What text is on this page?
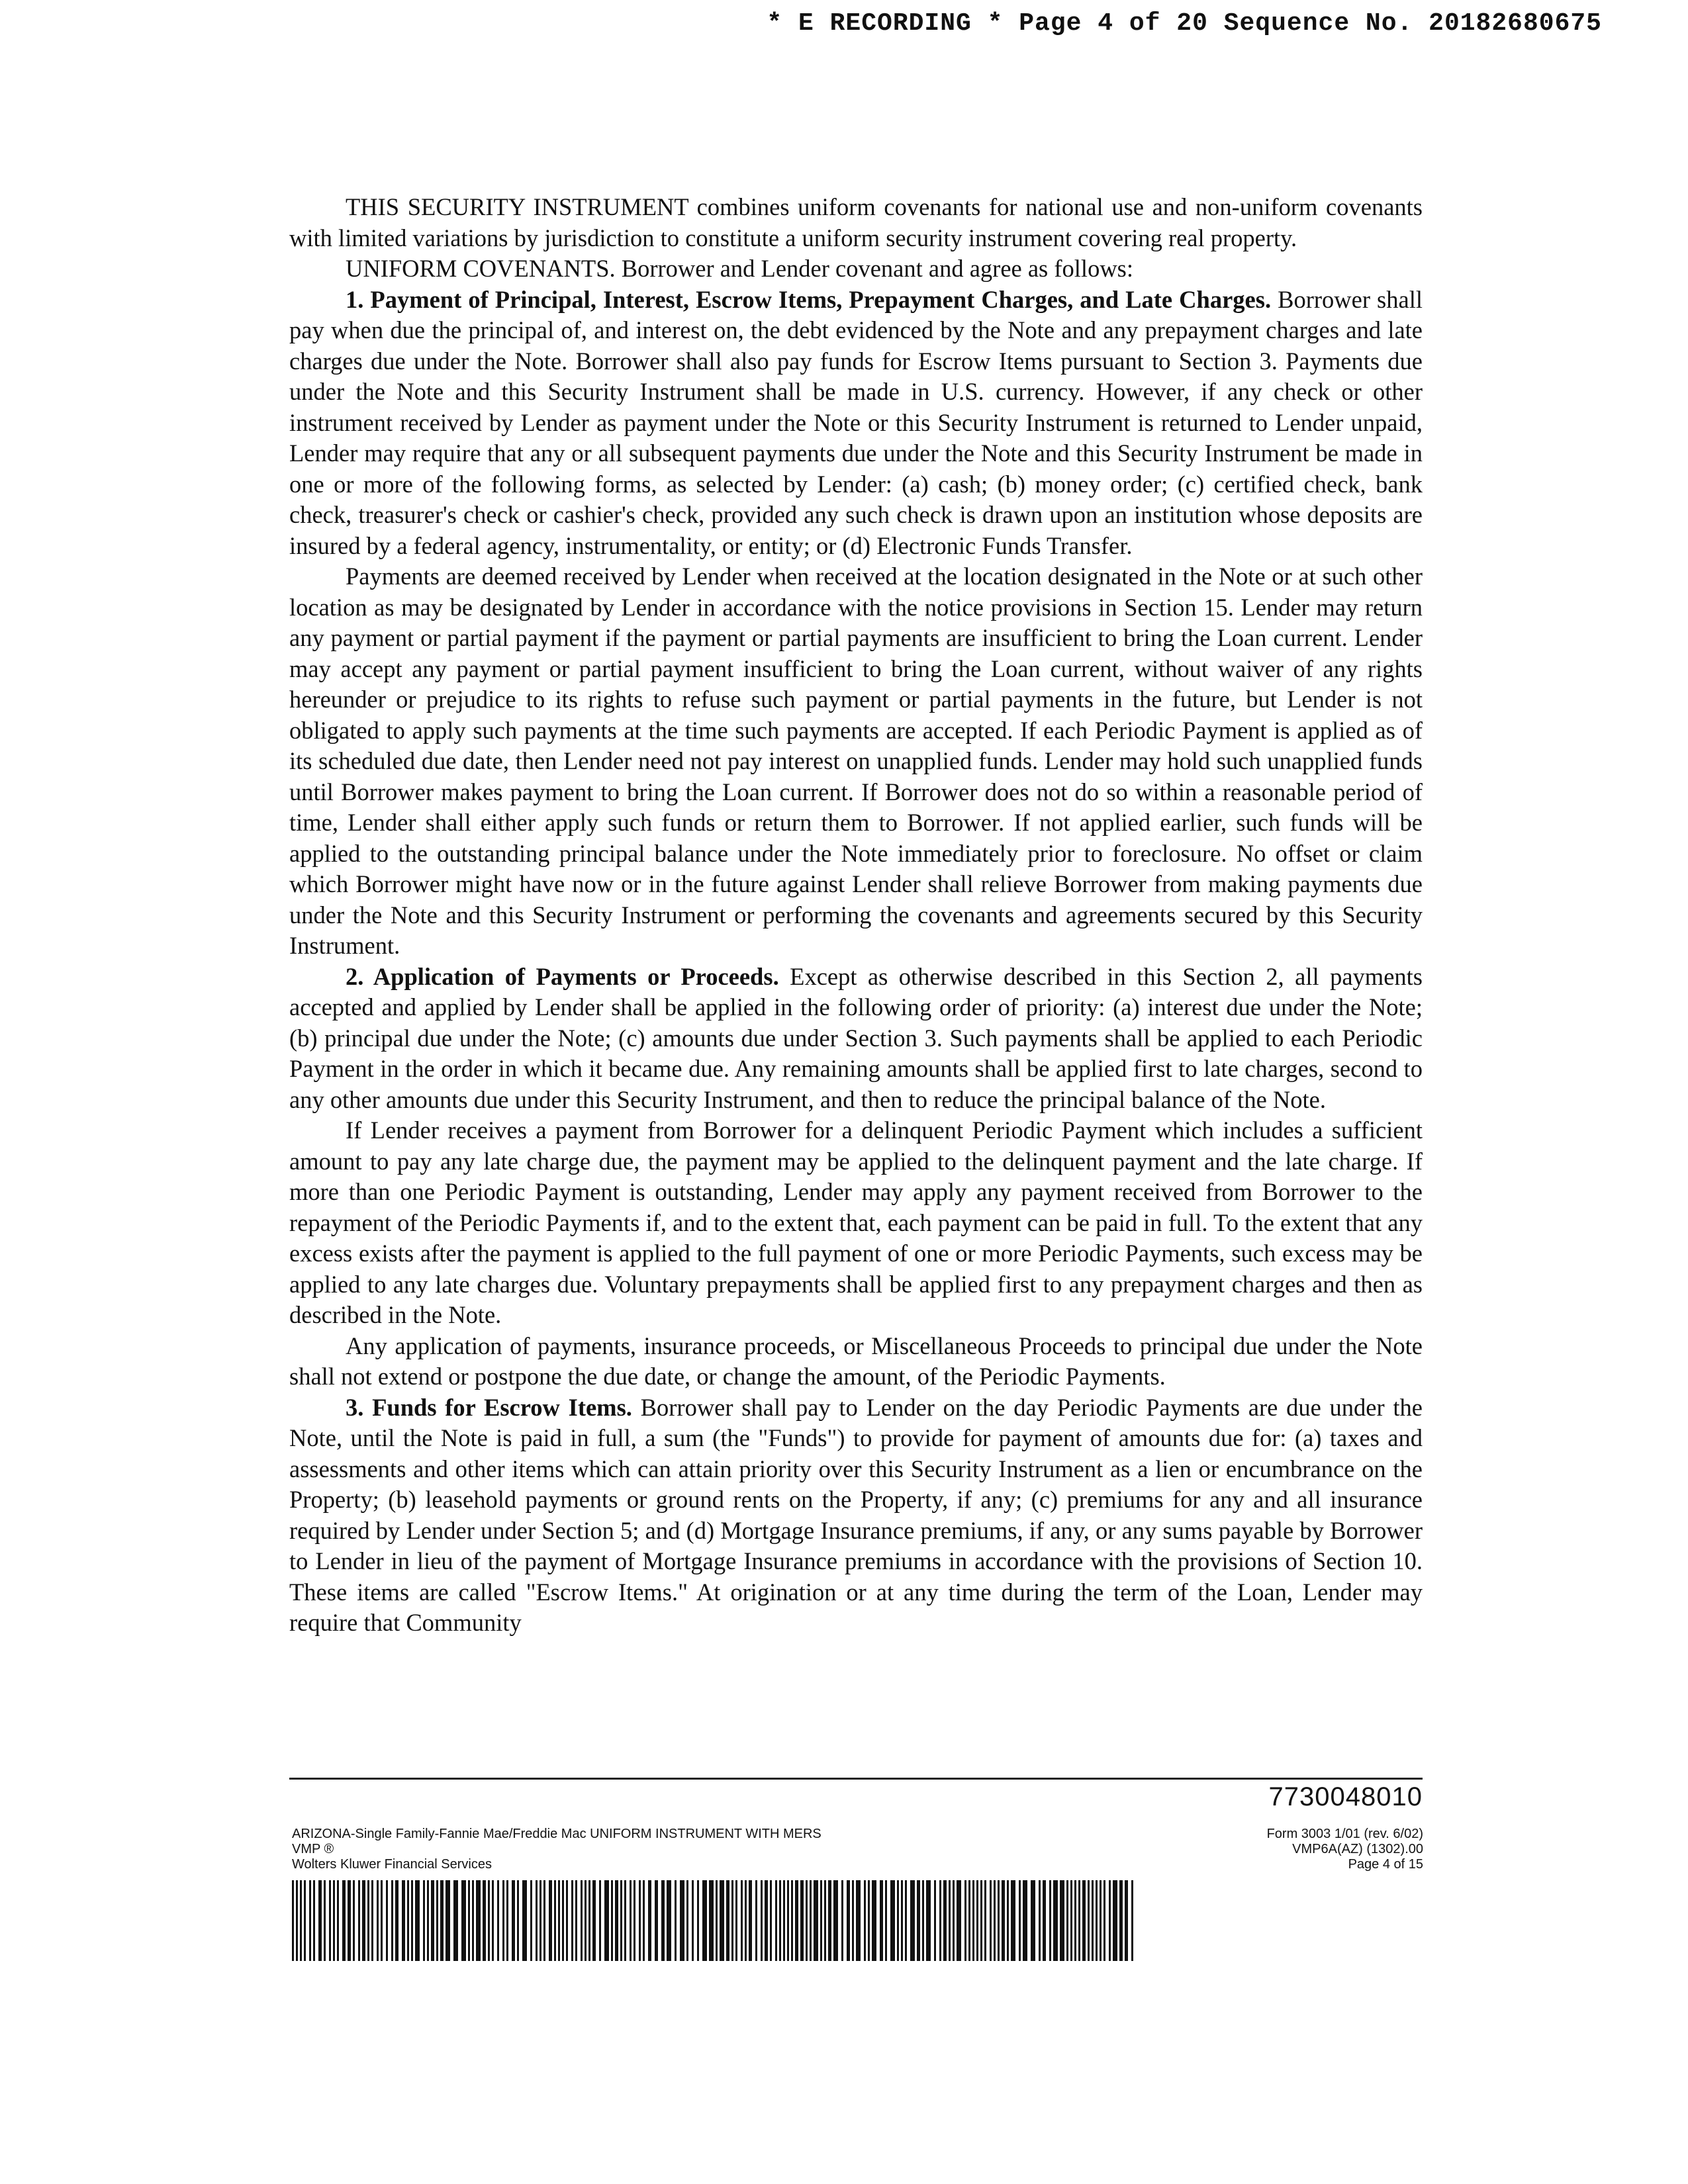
* E RECORDING * Page 4 of 20 Sequence No. 20182680675

THIS SECURITY INSTRUMENT combines uniform covenants for national use and non-uniform covenants with limited variations by jurisdiction to constitute a uniform security instrument covering real property.

UNIFORM COVENANTS. Borrower and Lender covenant and agree as follows:

1. Payment of Principal, Interest, Escrow Items, Prepayment Charges, and Late Charges. Borrower shall pay when due the principal of, and interest on, the debt evidenced by the Note and any prepayment charges and late charges due under the Note. Borrower shall also pay funds for Escrow Items pursuant to Section 3. Payments due under the Note and this Security Instrument shall be made in U.S. currency. However, if any check or other instrument received by Lender as payment under the Note or this Security Instrument is returned to Lender unpaid, Lender may require that any or all subsequent payments due under the Note and this Security Instrument be made in one or more of the following forms, as selected by Lender: (a) cash; (b) money order; (c) certified check, bank check, treasurer's check or cashier's check, provided any such check is drawn upon an institution whose deposits are insured by a federal agency, instrumentality, or entity; or (d) Electronic Funds Transfer.

Payments are deemed received by Lender when received at the location designated in the Note or at such other location as may be designated by Lender in accordance with the notice provisions in Section 15. Lender may return any payment or partial payment if the payment or partial payments are insufficient to bring the Loan current. Lender may accept any payment or partial payment insufficient to bring the Loan current, without waiver of any rights hereunder or prejudice to its rights to refuse such payment or partial payments in the future, but Lender is not obligated to apply such payments at the time such payments are accepted. If each Periodic Payment is applied as of its scheduled due date, then Lender need not pay interest on unapplied funds. Lender may hold such unapplied funds until Borrower makes payment to bring the Loan current. If Borrower does not do so within a reasonable period of time, Lender shall either apply such funds or return them to Borrower. If not applied earlier, such funds will be applied to the outstanding principal balance under the Note immediately prior to foreclosure. No offset or claim which Borrower might have now or in the future against Lender shall relieve Borrower from making payments due under the Note and this Security Instrument or performing the covenants and agreements secured by this Security Instrument.

2. Application of Payments or Proceeds. Except as otherwise described in this Section 2, all payments accepted and applied by Lender shall be applied in the following order of priority: (a) interest due under the Note; (b) principal due under the Note; (c) amounts due under Section 3. Such payments shall be applied to each Periodic Payment in the order in which it became due. Any remaining amounts shall be applied first to late charges, second to any other amounts due under this Security Instrument, and then to reduce the principal balance of the Note.

If Lender receives a payment from Borrower for a delinquent Periodic Payment which includes a sufficient amount to pay any late charge due, the payment may be applied to the delinquent payment and the late charge. If more than one Periodic Payment is outstanding, Lender may apply any payment received from Borrower to the repayment of the Periodic Payments if, and to the extent that, each payment can be paid in full. To the extent that any excess exists after the payment is applied to the full payment of one or more Periodic Payments, such excess may be applied to any late charges due. Voluntary prepayments shall be applied first to any prepayment charges and then as described in the Note.

Any application of payments, insurance proceeds, or Miscellaneous Proceeds to principal due under the Note shall not extend or postpone the due date, or change the amount, of the Periodic Payments.

3. Funds for Escrow Items. Borrower shall pay to Lender on the day Periodic Payments are due under the Note, until the Note is paid in full, a sum (the "Funds") to provide for payment of amounts due for: (a) taxes and assessments and other items which can attain priority over this Security Instrument as a lien or encumbrance on the Property; (b) leasehold payments or ground rents on the Property, if any; (c) premiums for any and all insurance required by Lender under Section 5; and (d) Mortgage Insurance premiums, if any, or any sums payable by Borrower to Lender in lieu of the payment of Mortgage Insurance premiums in accordance with the provisions of Section 10. These items are called "Escrow Items." At origination or at any time during the term of the Loan, Lender may require that Community

7730048010
ARIZONA-Single Family-Fannie Mae/Freddie Mac UNIFORM INSTRUMENT WITH MERS
VMP ®
Wolters Kluwer Financial Services
Form 3003 1/01 (rev. 6/02)
VMP6A(AZ) (1302).00
Page 4 of 15
